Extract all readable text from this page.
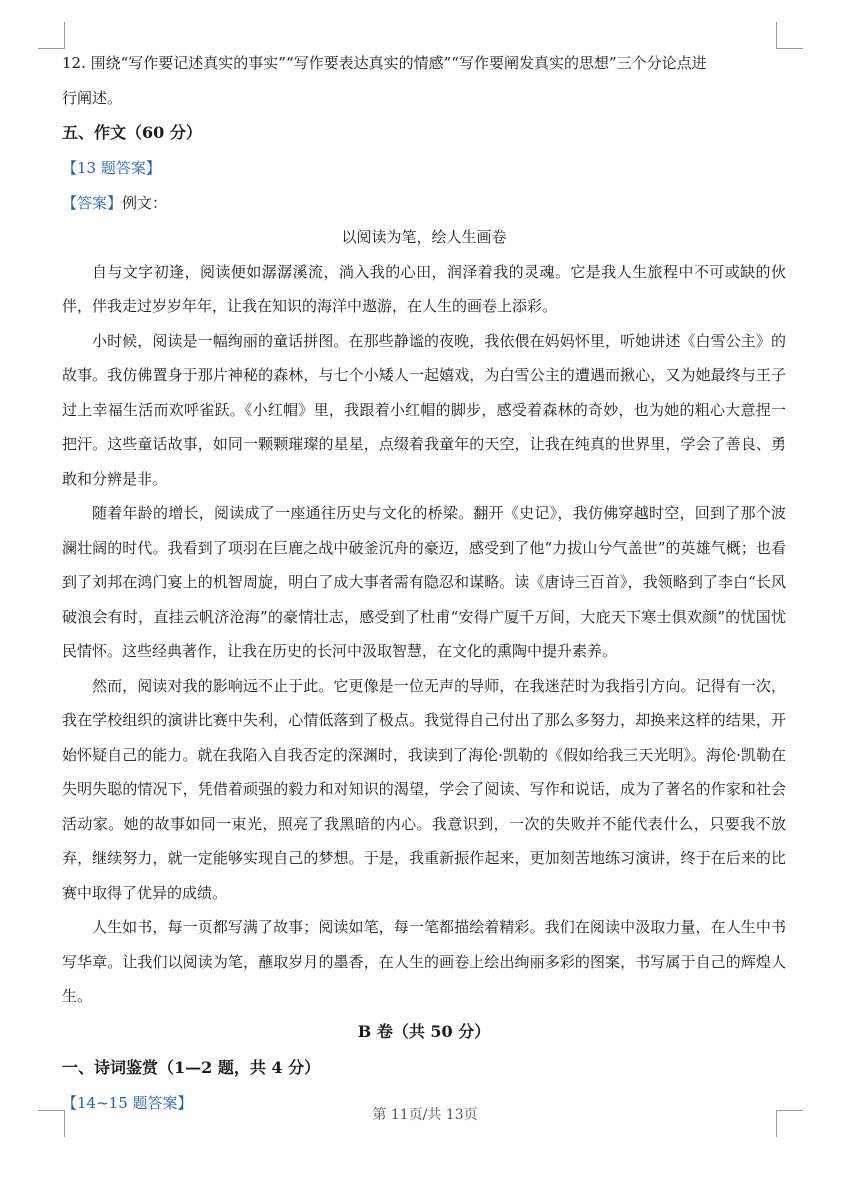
12. 围绕“写作要记述真实的事实”“写作要表达真实的情感”“写作要阐发真实的思想”三个分论点进

行阐述。

五、作文（60 分）

【13 题答案】

【答案】例文：

以阅读为笔，绘人生画卷

自与文字初逢，阅读便如潺潺溪流，淌入我的心田，润泽着我的灵魂。它是我人生旅程中不可或缺的伙伴，伴我走过岁岁年年，让我在知识的海洋中遨游，在人生的画卷上添彩。

小时候，阅读是一幅绚丽的童话拼图。在那些静谧的夜晚，我依偎在妈妈怀里，听她讲述《白雪公主》的故事。我仿佛置身于那片神秘的森林，与七个小矮人一起嬉戏，为白雪公主的遭遇而揪心，又为她最终与王子过上幸福生活而欢呼雀跃。《小红帽》里，我跟着小红帽的脚步，感受着森林的奇妙，也为她的粗心大意捏一把汗。这些童话故事，如同一颗颗璀璨的星星，点缀着我童年的天空，让我在纯真的世界里，学会了善良、勇敢和分辨是非。

随着年龄的增长，阅读成了一座通往历史与文化的桥梁。翻开《史记》，我仿佛穿越时空，回到了那个波澜壮阔的时代。我看到了项羽在巨鹿之战中破釜沉舟的豪迈，感受到了他“力拔山兮气盖世”的英雄气概；也看到了刘邦在鸿门宴上的机智周旋，明白了成大事者需有隐忍和谋略。读《唐诗三百首》，我领略到了李白“长风破浪会有时，直挂云帆济沧海”的豪情壮志，感受到了杜甫“安得广厦千万间，大庇天下寒士俱欢颜”的忧国忧民情怀。这些经典著作，让我在历史的长河中汲取智慧，在文化的熏陶中提升素养。

然而，阅读对我的影响远不止于此。它更像是一位无声的导师，在我迷茫时为我指引方向。记得有一次，我在学校组织的演讲比赛中失利，心情低落到了极点。我觉得自己付出了那么多努力，却换来这样的结果，开始怀疑自己的能力。就在我陷入自我否定的深渊时，我读到了海伦·凯勒的《假如给我三天光明》。海伦·凯勒在失明失聪的情况下，凭借着顽强的毅力和对知识的渴望，学会了阅读、写作和说话，成为了著名的作家和社会活动家。她的故事如同一束光，照亮了我黑暗的内心。我意识到，一次的失败并不能代表什么，只要我不放弃，继续努力，就一定能够实现自己的梦想。于是，我重新振作起来，更加刻苦地练习演讲，终于在后来的比赛中取得了优异的成绩。

人生如书，每一页都写满了故事；阅读如笔，每一笔都描绘着精彩。我们在阅读中汲取力量，在人生中书写华章。让我们以阅读为笔，蘸取岁月的墨香，在人生的画卷上绘出绚丽多彩的图案，书写属于自己的辉煌人生。

B 卷（共 50 分）

一、诗词鉴赏（1—2 题，共 4 分）

【14~15 题答案】

第 11页/共 13页
